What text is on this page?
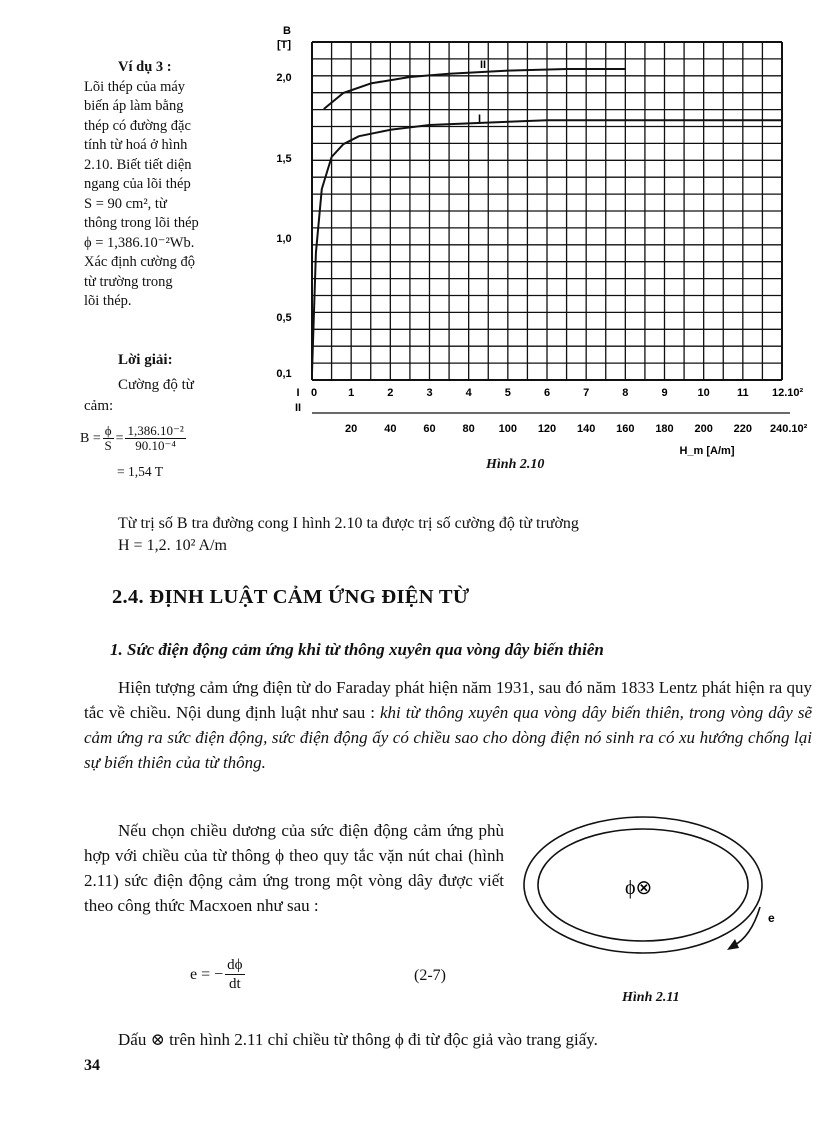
Ví dụ 3 :

Lõi thép của máy

biến áp làm bằng

thép có đường đặc

tính từ hoá ở hình

2.10. Biết tiết diện

ngang của lõi thép

S = 90 cm², từ

thông trong lõi thép

ϕ = 1,386.10⁻²Wb.

Xác định cường độ

từ trường trong

lõi thép.

Lời giải:
Cường độ từ
cảm:
$B = \frac{\phi}{S} = \frac{\text{1,386.10⁻²}}{\text{90.10⁻⁴}}$
= 1,54 T
0,1
0,5
1,0
1,5
2,0
0	1	2	3	4	5	6	7	8	9	10 11 12.10²
20 40 60 80 100 120 140 160 180 200 220 240.10²
B
[T]
I
II
H_m [A/m]
II
I
Hình 2.10
Từ trị số B tra đường cong I hình 2.10 ta được trị số cường độ từ trường
H = 1,2. 10² A/m
2.4. ĐỊNH LUẬT CẢM ỨNG ĐIỆN TỪ
1. Sức điện động cảm ứng khi từ thông xuyên qua vòng dây biến thiên
Hiện tượng cảm ứng điện từ do Faraday phát hiện năm 1931, sau đó năm 1833 Lentz phát hiện ra quy tắc về chiều. Nội dung định luật như sau : khi từ thông xuyên qua vòng dây biến thiên, trong vòng dây sẽ cảm ứng ra sức điện động, sức điện động ấy có chiều sao cho dòng điện nó sinh ra có xu hướng chống lại sự biến thiên của từ thông.
Nếu chọn chiều dương của sức điện động cảm ứng phù hợp với chiều của từ thông ϕ theo quy tắc vặn nút chai (hình 2.11) sức điện động cảm ứng trong một vòng dây được viết theo công thức Macxoen như sau :
e = − $\frac{d\phi}{dt}$	(2-7)
ϕ⊗
e
Hình 2.11
Dấu ⊗ trên hình 2.11 chỉ chiều từ thông ϕ đi từ độc giả vào trang giấy.
34
